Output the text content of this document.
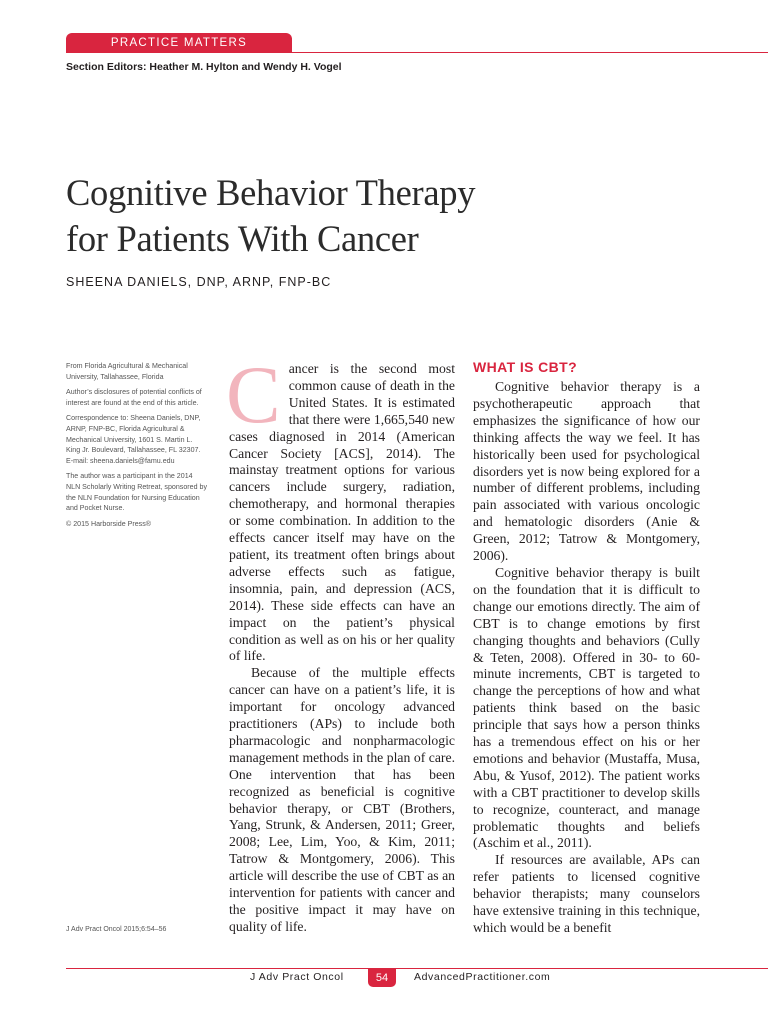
PRACTICE MATTERS
Section Editors: Heather M. Hylton and Wendy H. Vogel
Cognitive Behavior Therapy
for Patients With Cancer
SHEENA DANIELS, DNP, ARNP, FNP-BC

From Florida Agricultural & Mechanical University, Tallahassee, Florida

Author’s disclosures of potential conflicts of interest are found at the end of this article.

Correspondence to: Sheena Daniels, DNP, ARNP, FNP-BC, Florida Agricultural & Mechanical University, 1601 S. Martin L. King Jr. Boulevard, Tallahassee, FL 32307. E-mail: sheena.daniels@famu.edu

The author was a participant in the 2014 NLN Scholarly Writing Retreat, sponsored by the NLN Foundation for Nursing Education and Pocket Nurse.

© 2015 Harborside Press®

J Adv Pract Oncol 2015;6:54–56

Cancer is the second most common cause of death in the United States. It is estimated that there were 1,665,540 new cases diagnosed in 2014 (American Cancer Society [ACS], 2014). The mainstay treatment options for various cancers include surgery, radiation, chemotherapy, and hormonal therapies or some combination. In addition to the effects cancer itself may have on the patient, its treatment often brings about adverse effects such as fatigue, insomnia, pain, and depression (ACS, 2014). These side effects can have an impact on the patient’s physical condition as well as on his or her quality of life.

Because of the multiple effects cancer can have on a patient’s life, it is important for oncology advanced practitioners (APs) to include both pharmacologic and nonpharmacologic management methods in the plan of care. One intervention that has been recognized as beneficial is cognitive behavior therapy, or CBT (Brothers, Yang, Strunk, & Andersen, 2011; Greer, 2008; Lee, Lim, Yoo, & Kim, 2011; Tatrow & Montgomery, 2006). This article will describe the use of CBT as an intervention for patients with cancer and the positive impact it may have on quality of life.

WHAT IS CBT?

Cognitive behavior therapy is a psychotherapeutic approach that emphasizes the significance of how our thinking affects the way we feel. It has historically been used for psychological disorders yet is now being explored for a number of different problems, including pain associated with various oncologic and hematologic disorders (Anie & Green, 2012; Tatrow & Montgomery, 2006).

Cognitive behavior therapy is built on the foundation that it is difficult to change our emotions directly. The aim of CBT is to change emotions by first changing thoughts and behaviors (Cully & Teten, 2008). Offered in 30- to 60-minute increments, CBT is targeted to change the perceptions of how and what patients think based on the basic principle that says how a person thinks has a tremendous effect on his or her emotions and behavior (Mustaffa, Musa, Abu, & Yusof, 2012). The patient works with a CBT practitioner to develop skills to recognize, counteract, and manage problematic thoughts and beliefs (Aschim et al., 2011).

If resources are available, APs can refer patients to licensed cognitive behavior therapists; many counselors have extensive training in this technique, which would be a benefit

J Adv Pract Oncol	54	AdvancedPractitioner.com
